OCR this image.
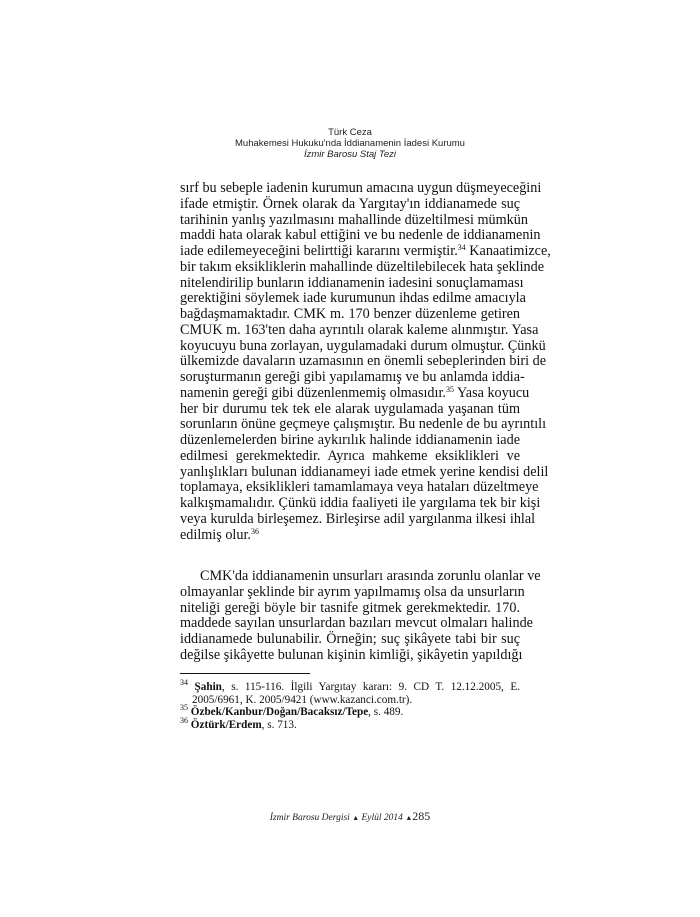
Türk Ceza
Muhakemesi Hukuku'nda İddianamenin İadesi Kurumu
İzmir Barosu Staj Tezi
sırf bu sebeple iadenin kurumun amacına uygun düşmeyeceğini
ifade etmiştir. Örnek olarak da Yargıtay'ın iddianamede suç
tarihinin yanlış yazılmasını mahallinde düzeltilmesi mümkün
maddi hata olarak kabul ettiğini ve bu nedenle de iddianamenin
iade edilemeyeceğini belirttiği kararını vermiştir.$^{34}$ Kanaatimizce,
bir takım eksikliklerin mahallinde düzeltilebilecek hata şeklinde
nitelendirilip bunların iddianamenin iadesini sonuçlamaması
gerektiğini söylemek iade kurumunun ihdas edilme amacıyla
bağdaşmamaktadır. CMK m. 170 benzer düzenleme getiren
CMUK m. 163'ten daha ayrıntılı olarak kaleme alınmıştır. Yasa
koyucuyu buna zorlayan, uygulamadaki durum olmuştur. Çünkü
ülkemizde davaların uzamasının en önemli sebeplerinden biri de
soruşturmanın gereği gibi yapılamamış ve bu anlamda iddia-
namenin gereği gibi düzenlenmemiş olmasıdır.$^{35}$ Yasa koyucu
her bir durumu tek tek ele alarak uygulamada yaşanan tüm
sorunların önüne geçmeye çalışmıştır. Bu nedenle de bu ayrıntılı
düzenlemelerden birine aykırılık halinde iddianamenin iade
edilmesi gerekmektedir. Ayrıca mahkeme eksiklikleri ve
yanlışlıkları bulunan iddianameyi iade etmek yerine kendisi delil
toplamaya, eksiklikleri tamamlamaya veya hataları düzeltmeye
kalkışmamalıdır. Çünkü iddia faaliyeti ile yargılama tek bir kişi
veya kurulda birleşemez. Birleşirse adil yargılanma ilkesi ihlal
edilmiş olur.$^{36}$
CMK'da iddianamenin unsurları arasında zorunlu olanlar ve
olmayanlar şeklinde bir ayrım yapılmamış olsa da unsurların
niteliği gereği böyle bir tasnife gitmek gerekmektedir. 170.
maddede sayılan unsurlardan bazıları mevcut olmaları halinde
iddianamede bulunabilir. Örneğin; suç şikâyete tabi bir suç
değilse şikâyette bulunan kişinin kimliği, şikâyetin yapıldığı
$^{34}$ Şahin, s. 115-116. İlgili Yargıtay kararı: 9. CD T. 12.12.2005, E.
2005/6961, K. 2005/9421 (www.kazanci.com.tr).
$^{35}$ Özbek/Kanbur/Doğan/Bacaksız/Tepe, s. 489.
$^{36}$ Öztürk/Erdem, s. 713.
İzmir Barosu Dergisi ▲ Eylül 2014 ▲285
